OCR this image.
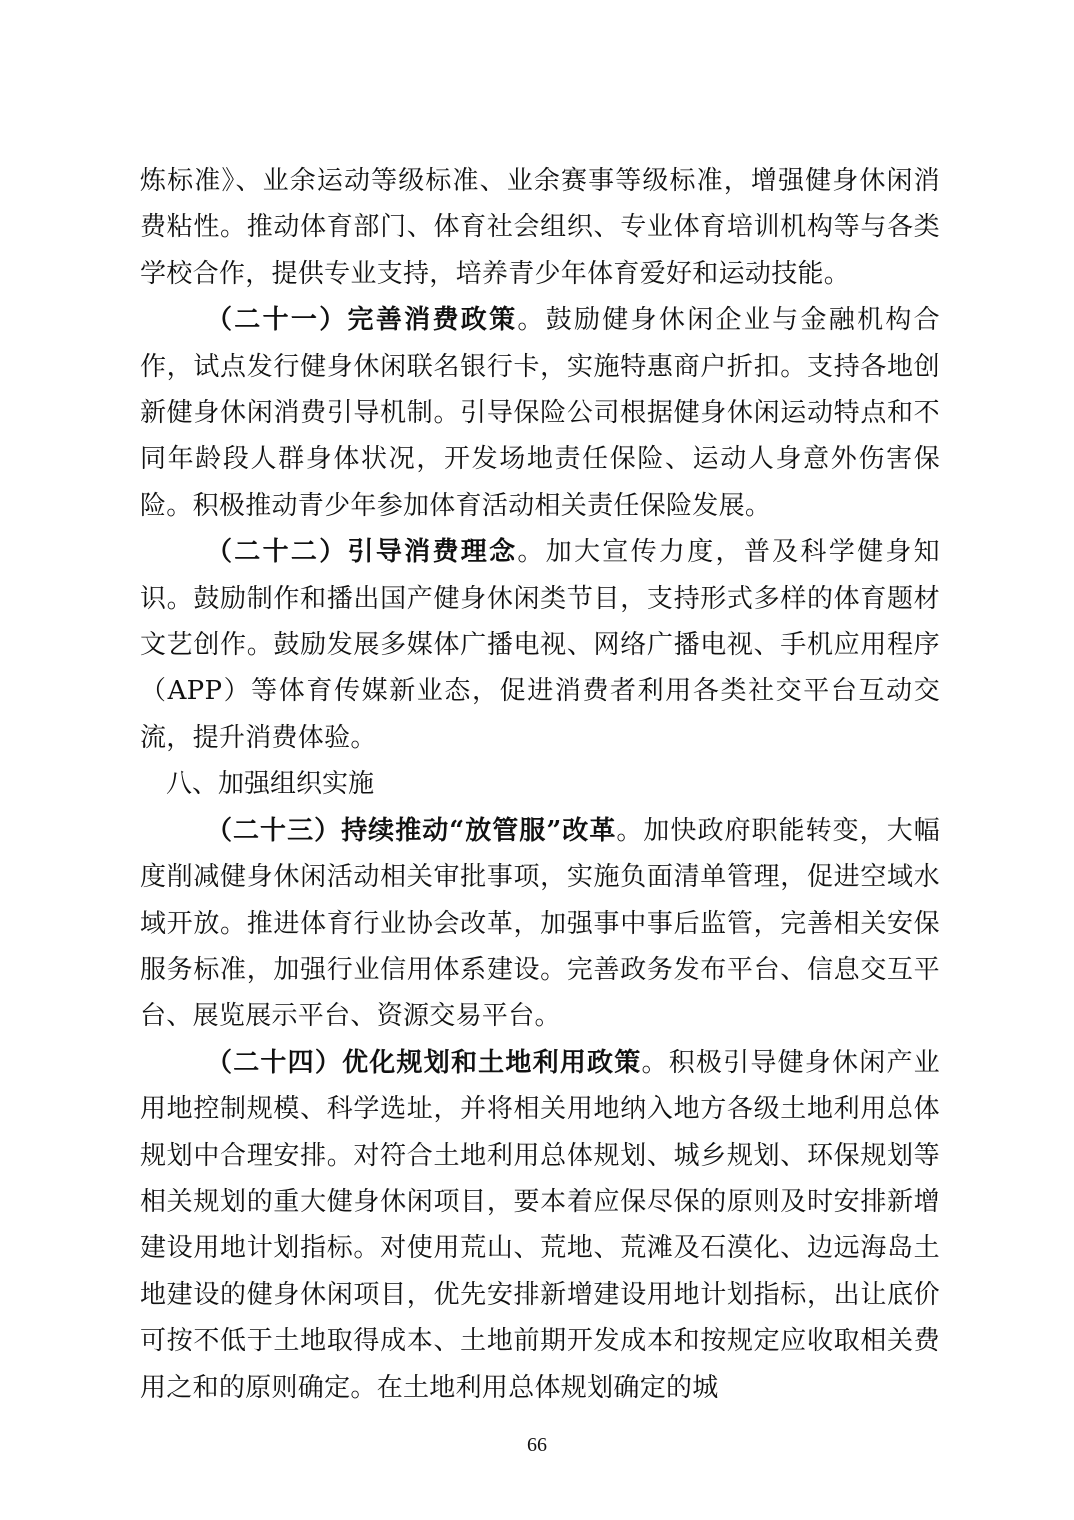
炼标准》、业余运动等级标准、业余赛事等级标准，增强健身休闲消费粘性。推动体育部门、体育社会组织、专业体育培训机构等与各类学校合作，提供专业支持，培养青少年体育爱好和运动技能。

（二十一）完善消费政策。鼓励健身休闲企业与金融机构合作，试点发行健身休闲联名银行卡，实施特惠商户折扣。支持各地创新健身休闲消费引导机制。引导保险公司根据健身休闲运动特点和不同年龄段人群身体状况，开发场地责任保险、运动人身意外伤害保险。积极推动青少年参加体育活动相关责任保险发展。

（二十二）引导消费理念。加大宣传力度，普及科学健身知识。鼓励制作和播出国产健身休闲类节目，支持形式多样的体育题材文艺创作。鼓励发展多媒体广播电视、网络广播电视、手机应用程序（APP）等体育传媒新业态，促进消费者利用各类社交平台互动交流，提升消费体验。

八、加强组织实施

（二十三）持续推动“放管服”改革。加快政府职能转变，大幅度削减健身休闲活动相关审批事项，实施负面清单管理，促进空域水域开放。推进体育行业协会改革，加强事中事后监管，完善相关安保服务标准，加强行业信用体系建设。完善政务发布平台、信息交互平台、展览展示平台、资源交易平台。

（二十四）优化规划和土地利用政策。积极引导健身休闲产业用地控制规模、科学选址，并将相关用地纳入地方各级土地利用总体规划中合理安排。对符合土地利用总体规划、城乡规划、环保规划等相关规划的重大健身休闲项目，要本着应保尽保的原则及时安排新增建设用地计划指标。对使用荒山、荒地、荒滩及石漠化、边远海岛土地建设的健身休闲项目，优先安排新增建设用地计划指标，出让底价可按不低于土地取得成本、土地前期开发成本和按规定应收取相关费用之和的原则确定。在土地利用总体规划确定的城

66
